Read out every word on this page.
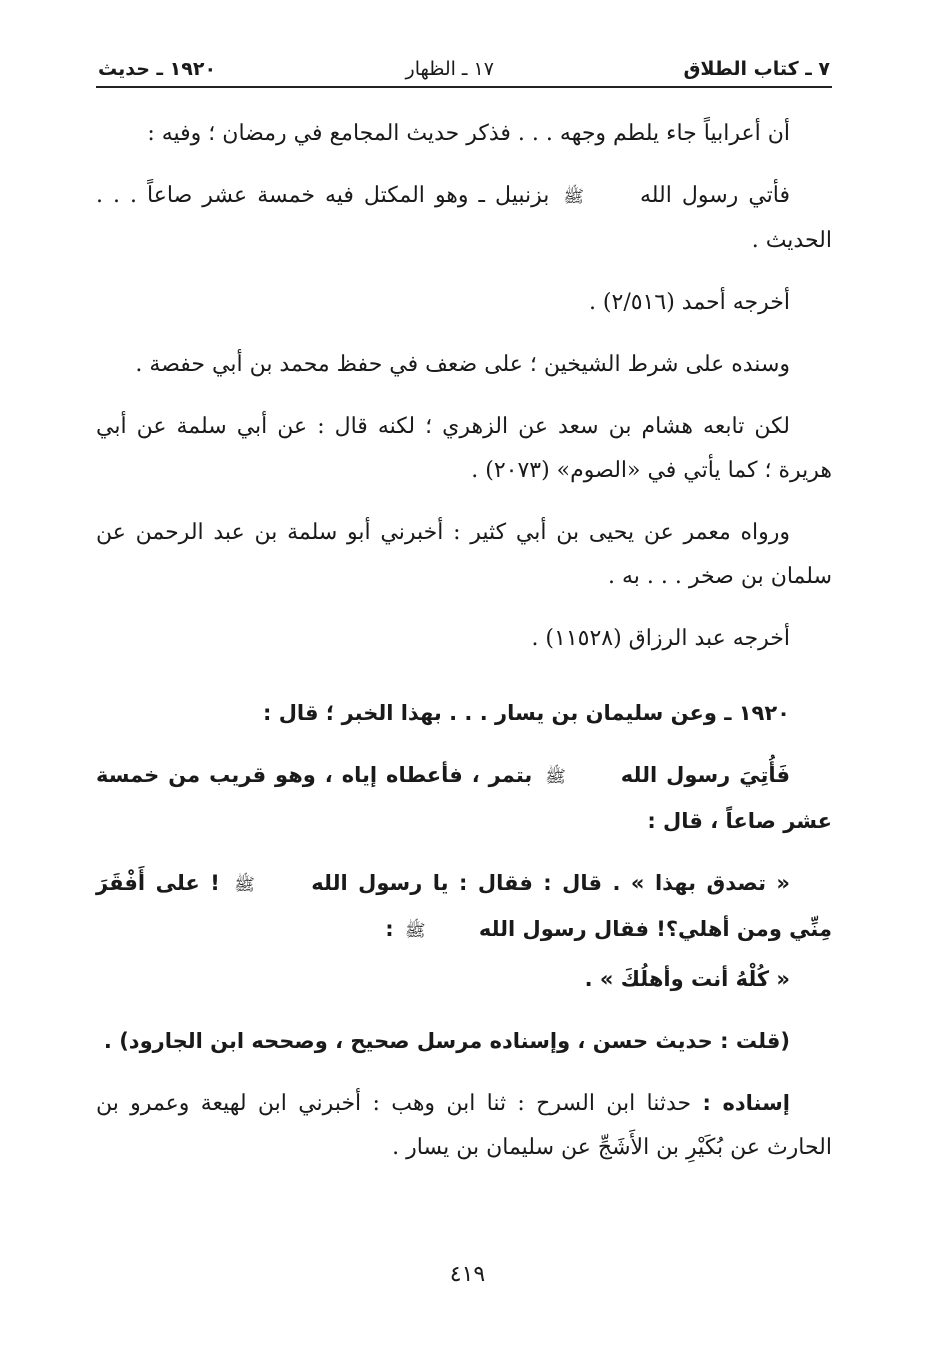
٧ ـ كتاب الطلاق
١٧ ـ الظهار
١٩٢٠ ـ حديث

أن أعرابياً جاء يلطم وجهه . . . فذكر حديث المجامع في رمضان ؛ وفيه :

فأتي رسول الله ﷺ بزنبيل ـ وهو المكتل فيه خمسة عشر صاعاً . . . الحديث .

أخرجه أحمد (٢/٥١٦) .

وسنده على شرط الشيخين ؛ على ضعف في حفظ محمد بن أبي حفصة .

لكن تابعه هشام بن سعد عن الزهري ؛ لكنه قال : عن أبي سلمة عن أبي هريرة ؛ كما يأتي في «الصوم» (٢٠٧٣) .

ورواه معمر عن يحيى بن أبي كثير : أخبرني أبو سلمة بن عبد الرحمن عن سلمان بن صخر . . . به .

أخرجه عبد الرزاق (١١٥٢٨) .

١٩٢٠ ـ وعن سليمان بن يسار . . . بهذا الخبر ؛ قال :

فَأُتِيَ رسول الله ﷺ بتمر ، فأعطاه إياه ، وهو قريب من خمسة عشر صاعاً ، قال :

« تصدق بهذا » . قال : فقال : يا رسول الله ﷺ ! على أَفْقَرَ مِنِّي ومن أهلي؟! فقال رسول الله ﷺ :

« كُلْهُ أنت وأهلُكَ » .

(قلت : حديث حسن ، وإسناده مرسل صحيح ، وصححه ابن الجارود) .

إسناده : حدثنا ابن السرح : ثنا ابن وهب : أخبرني ابن لهيعة وعمرو بن الحارث عن بُكَيْرِ بن الأَشَجِّ عن سليمان بن يسار .

٤١٩
